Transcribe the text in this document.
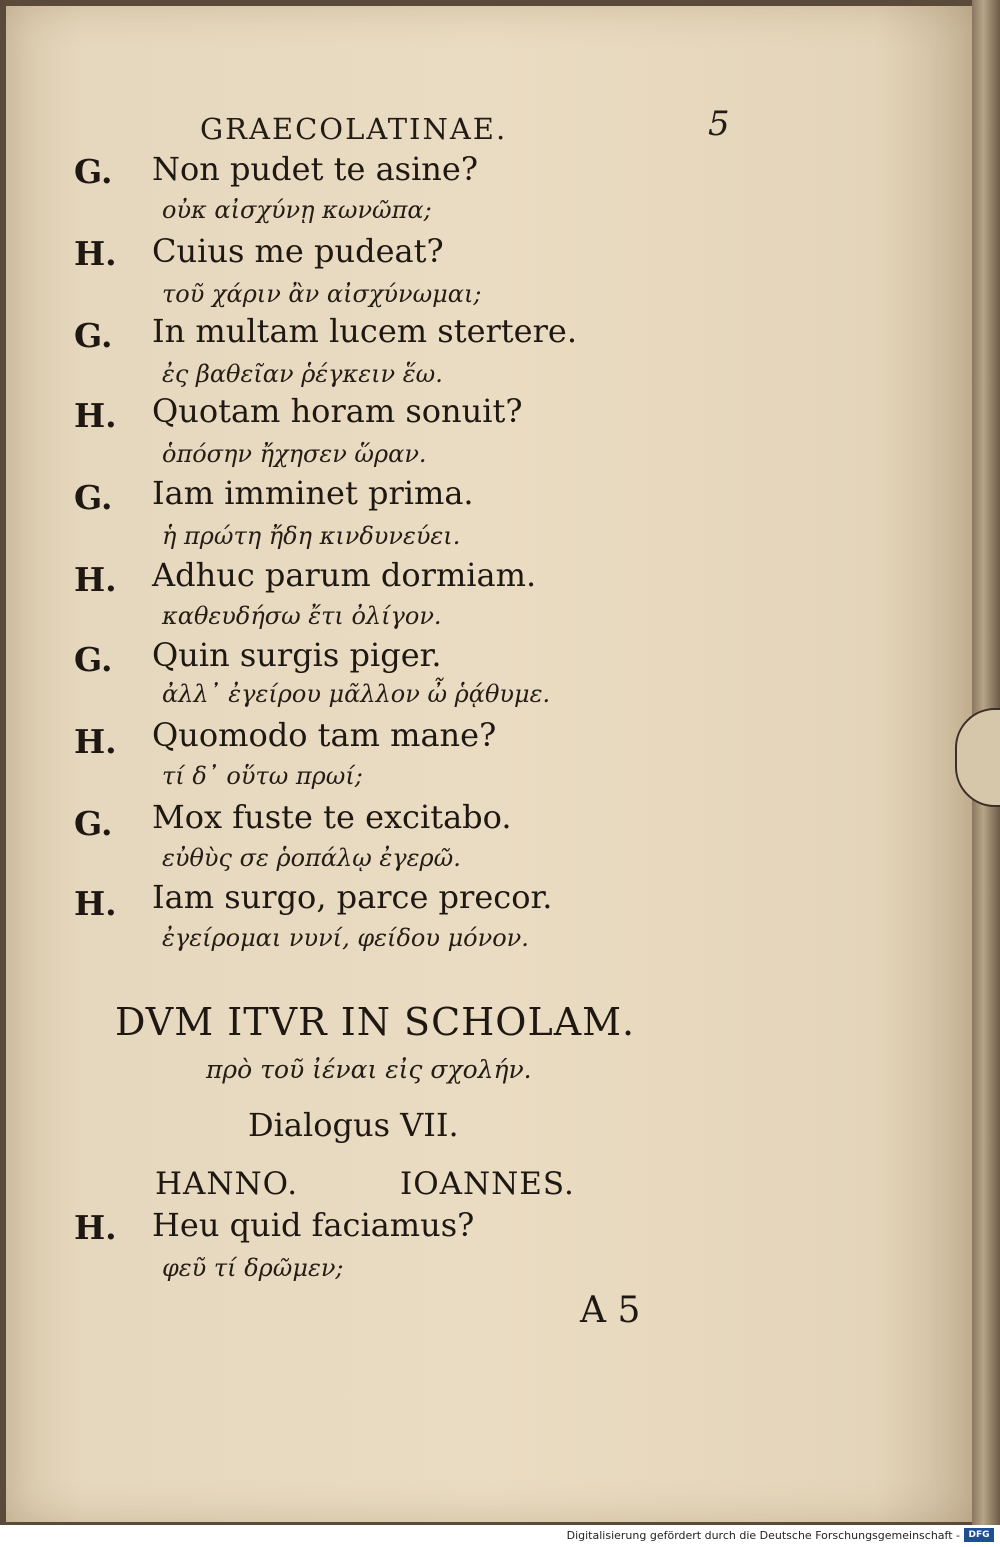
GRAECOLATINAE.	5
G.	Non pudet te asine?
οὐκ αἰσχύνῃ κωνῶπα;
H.	Cuius me pudeat?
τοῦ χάριν ἂν αἰσχύνωμαι;
G.	In multam lucem stertere.
ἐς βαθεῖαν ῥέγκειν ἕω.
H.	Quotam horam sonuit?
ὁπόσην ἤχησεν ὥραν.
G.	Iam imminet prima.
ἡ πρώτη ἤδη κινδυνεύει.
H.	Adhuc parum dormiam.
καθευδήσω ἔτι ὀλίγον.
G.	Quin surgis piger.
ἀλλ᾽ ἐγείρου μᾶλλον ὦ ῥᾴθυμε.
H.	Quomodo tam mane?
τί δ᾽ οὕτω πρωί;
G.	Mox fuste te excitabo.
εὐθὺς σε ῥοπάλῳ ἐγερῶ.
H.	Iam surgo, parce precor.
ἐγείρομαι νυνί, φείδου μόνον.
DVM ITVR IN SCHOLAM.
πρὸ τοῦ ἰέναι εἰς σχολήν.
Dialogus VII.
HANNO.	IOANNES.
H.	Heu quid faciamus?
φεῦ τί δρῶμεν;
A 5
Digitalisierung gefördert durch die Deutsche Forschungsgemeinschaft - DFG
